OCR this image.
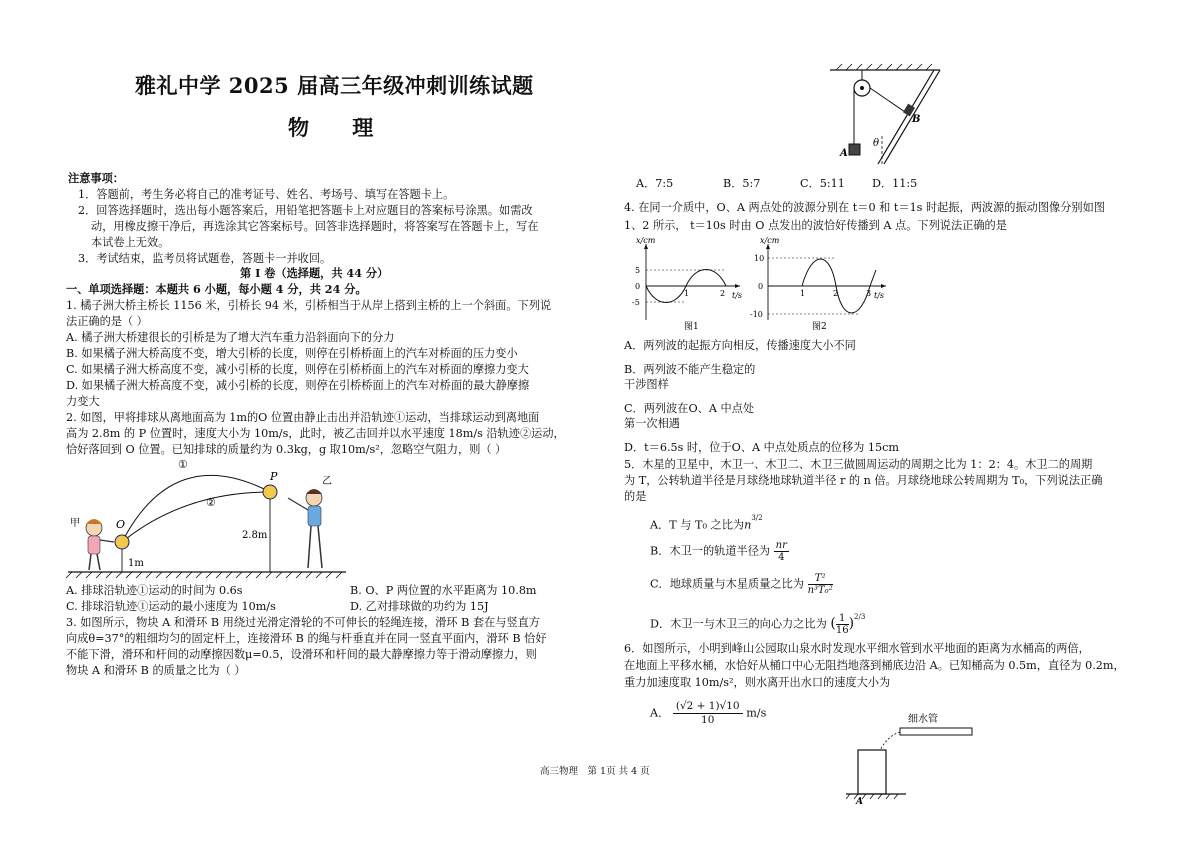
雅礼中学 2025 届高三年级冲刺训练试题
物 理
注意事项：
1．答题前，考生务必将自己的准考证号、姓名、考场号、填写在答题卡上。
2．回答选择题时，选出每小题答案后，用铅笔把答题卡上对应题目的答案标号涂黑。如需改
动，用橡皮擦干净后，再选涂其它答案标号。回答非选择题时，将答案写在答题卡上，写在
本试卷上无效。
3．考试结束，监考员将试题卷，答题卡一并收回。
第 I 卷（选择题，共 44 分）
一、单项选择题：本题共 6 小题，每小题 4 分，共 24 分。
1. 橘子洲大桥主桥长 1156 米，引桥长 94 米，引桥相当于从岸上搭到主桥的上一个斜面。下列说
法正确的是（ ）
A. 橘子洲大桥建很长的引桥是为了增大汽车重力沿斜面向下的分力
B. 如果橘子洲大桥高度不变，增大引桥的长度，则停在引桥桥面上的汽车对桥面的压力变小
C. 如果橘子洲大桥高度不变，减小引桥的长度，则停在引桥桥面上的汽车对桥面的摩擦力变大
D. 如果橘子洲大桥高度不变，减小引桥的长度，则停在引桥桥面上的汽车对桥面的最大静摩擦
力变大
2. 如图，甲将排球从离地面高为 1m的O 位置由静止击出并沿轨迹①运动，当排球运动到离地面
高为 2.8m 的 P 位置时，速度大小为 10m/s，此时，被乙击回并以水平速度 18m/s 沿轨迹②运动，
恰好落回到 O 位置。已知排球的质量约为 0.3kg，g 取10m/s²，忽略空气阻力，则（ ）
①
②
O
P
甲
乙
2.8m
1m
A. 排球沿轨迹①运动的时间为 0.6s	B. O、P 两位置的水平距离为 10.8m
C. 排球沿轨迹①运动的最小速度为 10m/s	D. 乙对排球做的功约为 15J
3. 如图所示，物块 A 和滑环 B 用绕过光滑定滑轮的不可伸长的轻绳连接，滑环 B 套在与竖直方
向成θ=37°的粗细均匀的固定杆上，连接滑环 B 的绳与杆垂直并在同一竖直平面内，滑环 B 恰好
不能下滑，滑环和杆间的动摩擦因数μ=0.5，设滑环和杆间的最大静摩擦力等于滑动摩擦力，则
物块 A 和滑环 B 的质量之比为（ ）
高三物理　第 1页 共 4 页
A
B
θ
A．7:5	B．5:7	C．5:11 D．11:5
4. 在同一介质中，O、A 两点处的波源分别在 t＝0 和 t＝1s 时起振，两波源的振动图像分别如图
1、2 所示， t＝10s 时由 O 点发出的波恰好传播到 A 点。下列说法正确的是
x/cm
t/s
5
0
-5
1	2
图1
x/cm
t/s
10
0
-10
1	2	3
图2
A．两列波的起振方向相反，传播速度大小不同
B．两列波不能产生稳定的
干涉图样
C．两列波在O、A 中点处
第一次相遇
D．t＝6.5s 时，位于O、A 中点处质点的位移为 15cm
5．木星的卫星中，木卫一、木卫二、木卫三做圆周运动的周期之比为 1：2：4。木卫二的周期
为 T，公转轨道半径是月球绕地球轨道半径 r 的 n 倍。月球绕地球公转周期为 T₀，下列说法正确
的是
A．T 与 T₀ 之比为$n^{3/2}$
B．木卫一的轨道半径为 $\frac{nr}{4}$
C．地球质量与木星质量之比为 $\frac{\text{T²}}{\text{n³T₀²}}$
D．木卫一与木卫三的向心力之比为 ( $\frac{1}{16} )^{2/3}$
6．如图所示，小明到峰山公园取山泉水时发现水平细水管到水平地面的距离为水桶高的两倍，
在地面上平移水桶，水恰好从桶口中心无阻挡地落到桶底边沿 A。已知桶高为 0.5m，直径为 0.2m，
重力加速度取 10m/s²，则水离开出水口的速度大小为
A． $\frac{(√2 + 1)√10}{10} m/s$	细水管
A
